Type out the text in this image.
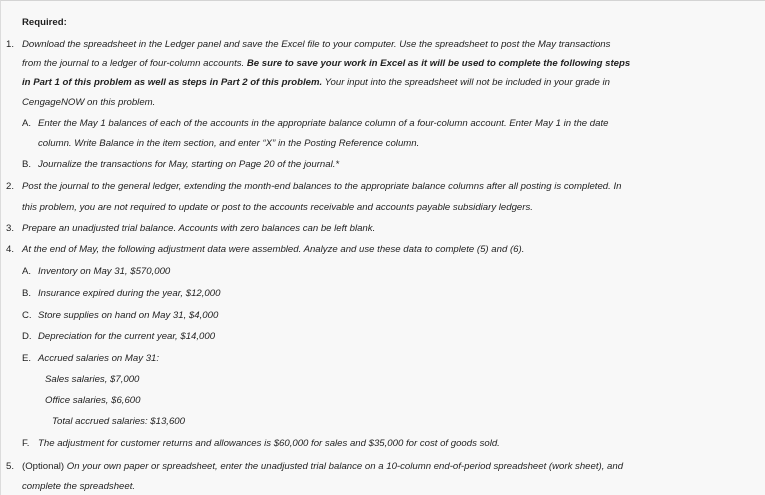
Required:
1. Download the spreadsheet in the Ledger panel and save the Excel file to your computer. Use the spreadsheet to post the May transactions
from the journal to a ledger of four-column accounts. Be sure to save your work in Excel as it will be used to complete the following steps
in Part 1 of this problem as well as steps in Part 2 of this problem. Your input into the spreadsheet will not be included in your grade in
CengageNOW on this problem.
A. Enter the May 1 balances of each of the accounts in the appropriate balance column of a four-column account. Enter May 1 in the date
column. Write Balance in the item section, and enter “X” in the Posting Reference column.
B. Journalize the transactions for May, starting on Page 20 of the journal.*
2. Post the journal to the general ledger, extending the month-end balances to the appropriate balance columns after all posting is completed. In
this problem, you are not required to update or post to the accounts receivable and accounts payable subsidiary ledgers.
3. Prepare an unadjusted trial balance. Accounts with zero balances can be left blank.
4. At the end of May, the following adjustment data were assembled. Analyze and use these data to complete (5) and (6).
A. Inventory on May 31, $570,000
B. Insurance expired during the year, $12,000
C. Store supplies on hand on May 31, $4,000
D. Depreciation for the current year, $14,000
E. Accrued salaries on May 31:
Sales salaries, $7,000
Office salaries, $6,600
Total accrued salaries: $13,600
F. The adjustment for customer returns and allowances is $60,000 for sales and $35,000 for cost of goods sold.
5. (Optional) On your own paper or spreadsheet, enter the unadjusted trial balance on a 10-column end-of-period spreadsheet (work sheet), and
complete the spreadsheet.
